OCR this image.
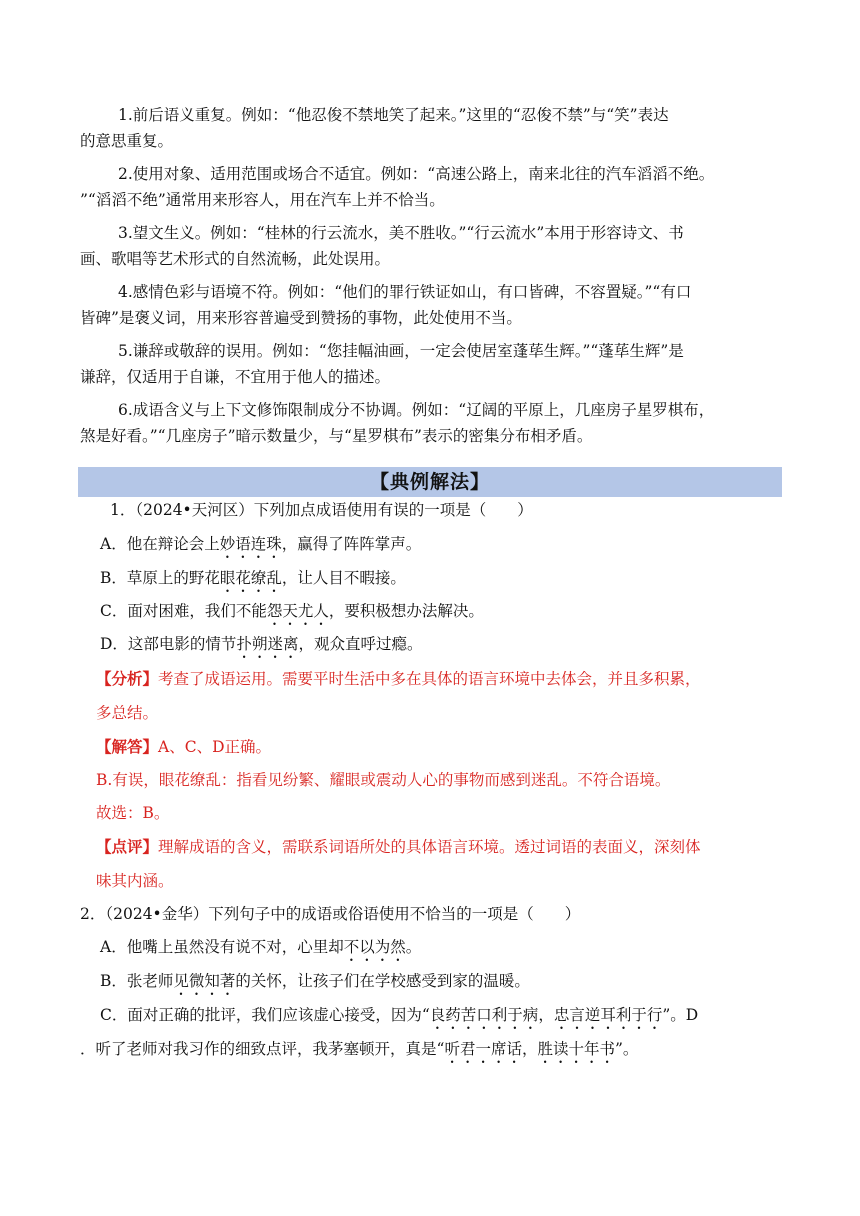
1.前后语义重复。例如：“他忍俊不禁地笑了起来。”这里的“忍俊不禁”与“笑”表达
的意思重复。
2.使用对象、适用范围或场合不适宜。例如：“高速公路上，南来北往的汽车滔滔不绝。
”“滔滔不绝”通常用来形容人，用在汽车上并不恰当。
3.望文生义。例如：“桂林的行云流水，美不胜收。”“行云流水”本用于形容诗文、书
画、歌唱等艺术形式的自然流畅，此处误用。
4.感情色彩与语境不符。例如：“他们的罪行铁证如山，有口皆碑，不容置疑。”“有口
皆碑”是褒义词，用来形容普遍受到赞扬的事物，此处使用不当。
5.谦辞或敬辞的误用。例如：“您挂幅油画，一定会使居室蓬荜生辉。”“蓬荜生辉”是
谦辞，仅适用于自谦，不宜用于他人的描述。
6.成语含义与上下文修饰限制成分不协调。例如：“辽阔的平原上，几座房子星罗棋布，
煞是好看。”“几座房子”暗示数量少，与“星罗棋布”表示的密集分布相矛盾。
【典例解法】
1．（2024•天河区）下列加点成语使用有误的一项是（　　）
A．他在辩论会上妙语连珠，赢得了阵阵掌声。
B．草原上的野花眼花缭乱，让人目不暇接。
C．面对困难，我们不能怨天尤人，要积极想办法解决。
D．这部电影的情节扑朔迷离，观众直呼过瘾。
【分析】考查了成语运用。需要平时生活中多在具体的语言环境中去体会，并且多积累，
多总结。
【解答】A、C、D正确。
B.有误，眼花缭乱：指看见纷繁、耀眼或震动人心的事物而感到迷乱。不符合语境。
故选：B。
【点评】理解成语的含义，需联系词语所处的具体语言环境。透过词语的表面义，深刻体
味其内涵。
2．（2024•金华）下列句子中的成语或俗语使用不恰当的一项是（　　）
A．他嘴上虽然没有说不对，心里却不以为然。
B．张老师见微知著的关怀，让孩子们在学校感受到家的温暖。
C．面对正确的批评，我们应该虚心接受，因为“良药苦口利于病，忠言逆耳利于行”。D
．听了老师对我习作的细致点评，我茅塞顿开，真是“听君一席话，胜读十年书”。
